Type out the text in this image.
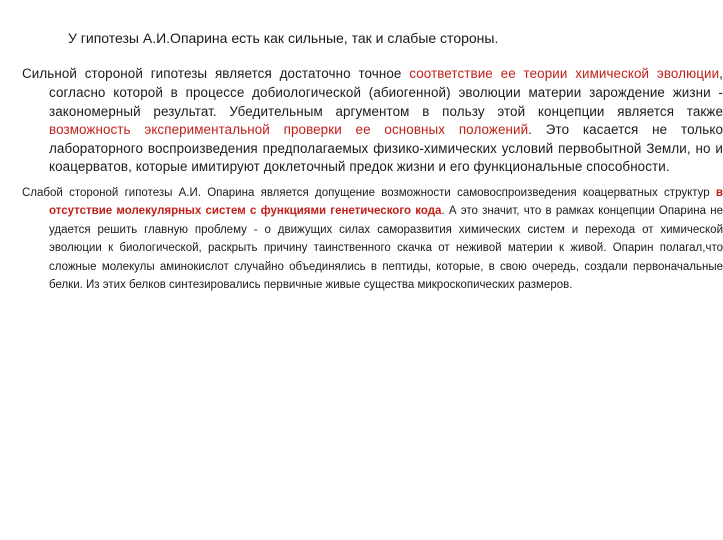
У гипотезы А.И.Опарина есть как сильные, так и слабые стороны.

Сильной стороной гипотезы является достаточно точное соответствие ее теории химической эволюции, согласно которой в процессе добиологической (абиогенной) эволюции материи зарождение жизни - закономерный результат. Убедительным аргументом в пользу этой концепции является также возможность экспериментальной проверки ее основных положений. Это касается не только лабораторного воспроизведения предполагаемых физико-химических условий первобытной Земли, но и коацерватов, которые имитируют доклеточный предок жизни и его функциональные способности.

Слабой стороной гипотезы А.И. Опарина является допущение возможности самовоспроизведения коацерватных структур в отсутствие молекулярных систем с функциями генетического кода. А это значит, что в рамках концепции Опарина не удается решить главную проблему - о движущих силах саморазвития химических систем и перехода от химической эволюции к биологической, раскрыть причину таинственного скачка от неживой материи к живой. Опарин полагал,что сложные молекулы аминокислот случайно объединялись в пептиды, которые, в свою очередь, создали первоначальные белки. Из этих белков синтезировались первичные живые существа микроскопических размеров.
